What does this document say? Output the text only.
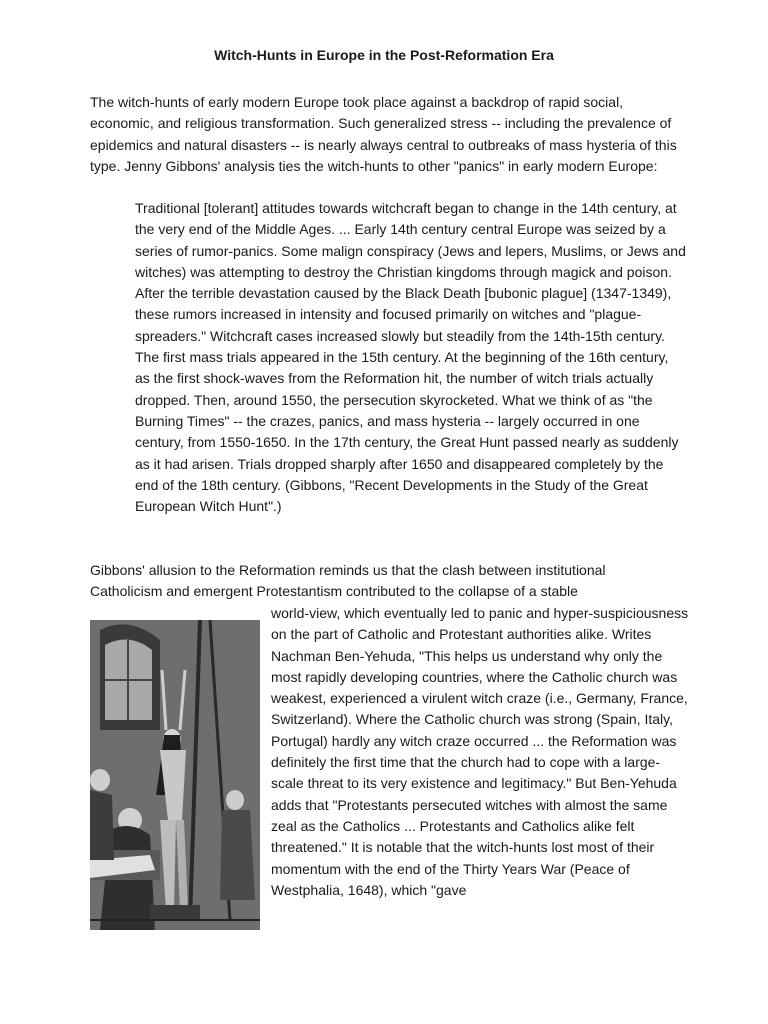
Witch-Hunts in Europe in the Post-Reformation Era

The witch-hunts of early modern Europe took place against a backdrop of rapid social, economic, and religious transformation. Such generalized stress -- including the prevalence of epidemics and natural disasters -- is nearly always central to outbreaks of mass hysteria of this type. Jenny Gibbons' analysis ties the witch-hunts to other "panics" in early modern Europe:

Traditional [tolerant] attitudes towards witchcraft began to change in the 14th century, at the very end of the Middle Ages. ... Early 14th century central Europe was seized by a series of rumor-panics. Some malign conspiracy (Jews and lepers, Muslims, or Jews and witches) was attempting to destroy the Christian kingdoms through magick and poison. After the terrible devastation caused by the Black Death [bubonic plague] (1347-1349), these rumors increased in intensity and focused primarily on witches and "plague-spreaders." Witchcraft cases increased slowly but steadily from the 14th-15th century. The first mass trials appeared in the 15th century. At the beginning of the 16th century, as the first shock-waves from the Reformation hit, the number of witch trials actually dropped. Then, around 1550, the persecution skyrocketed. What we think of as "the Burning Times" -- the crazes, panics, and mass hysteria -- largely occurred in one century, from 1550-1650. In the 17th century, the Great Hunt passed nearly as suddenly as it had arisen. Trials dropped sharply after 1650 and disappeared completely by the end of the 18th century. (Gibbons, "Recent Developments in the Study of the Great European Witch Hunt".)

Gibbons' allusion to the Reformation reminds us that the clash between institutional Catholicism and emergent Protestantism contributed to the collapse of a stable

world-view, which eventually led to panic and hyper-suspiciousness on the part of Catholic and Protestant authorities alike. Writes Nachman Ben-Yehuda, "This helps us understand why only the most rapidly developing countries, where the Catholic church was weakest, experienced a virulent witch craze (i.e., Germany, France, Switzerland). Where the Catholic church was strong (Spain, Italy, Portugal) hardly any witch craze occurred ... the Reformation was definitely the first time that the church had to cope with a large-scale threat to its very existence and legitimacy." But Ben-Yehuda adds that "Protestants persecuted witches with almost the same zeal as the Catholics ... Protestants and Catholics alike felt threatened." It is notable that the witch-hunts lost most of their momentum with the end of the Thirty Years War (Peace of Westphalia, 1648), which "gave
